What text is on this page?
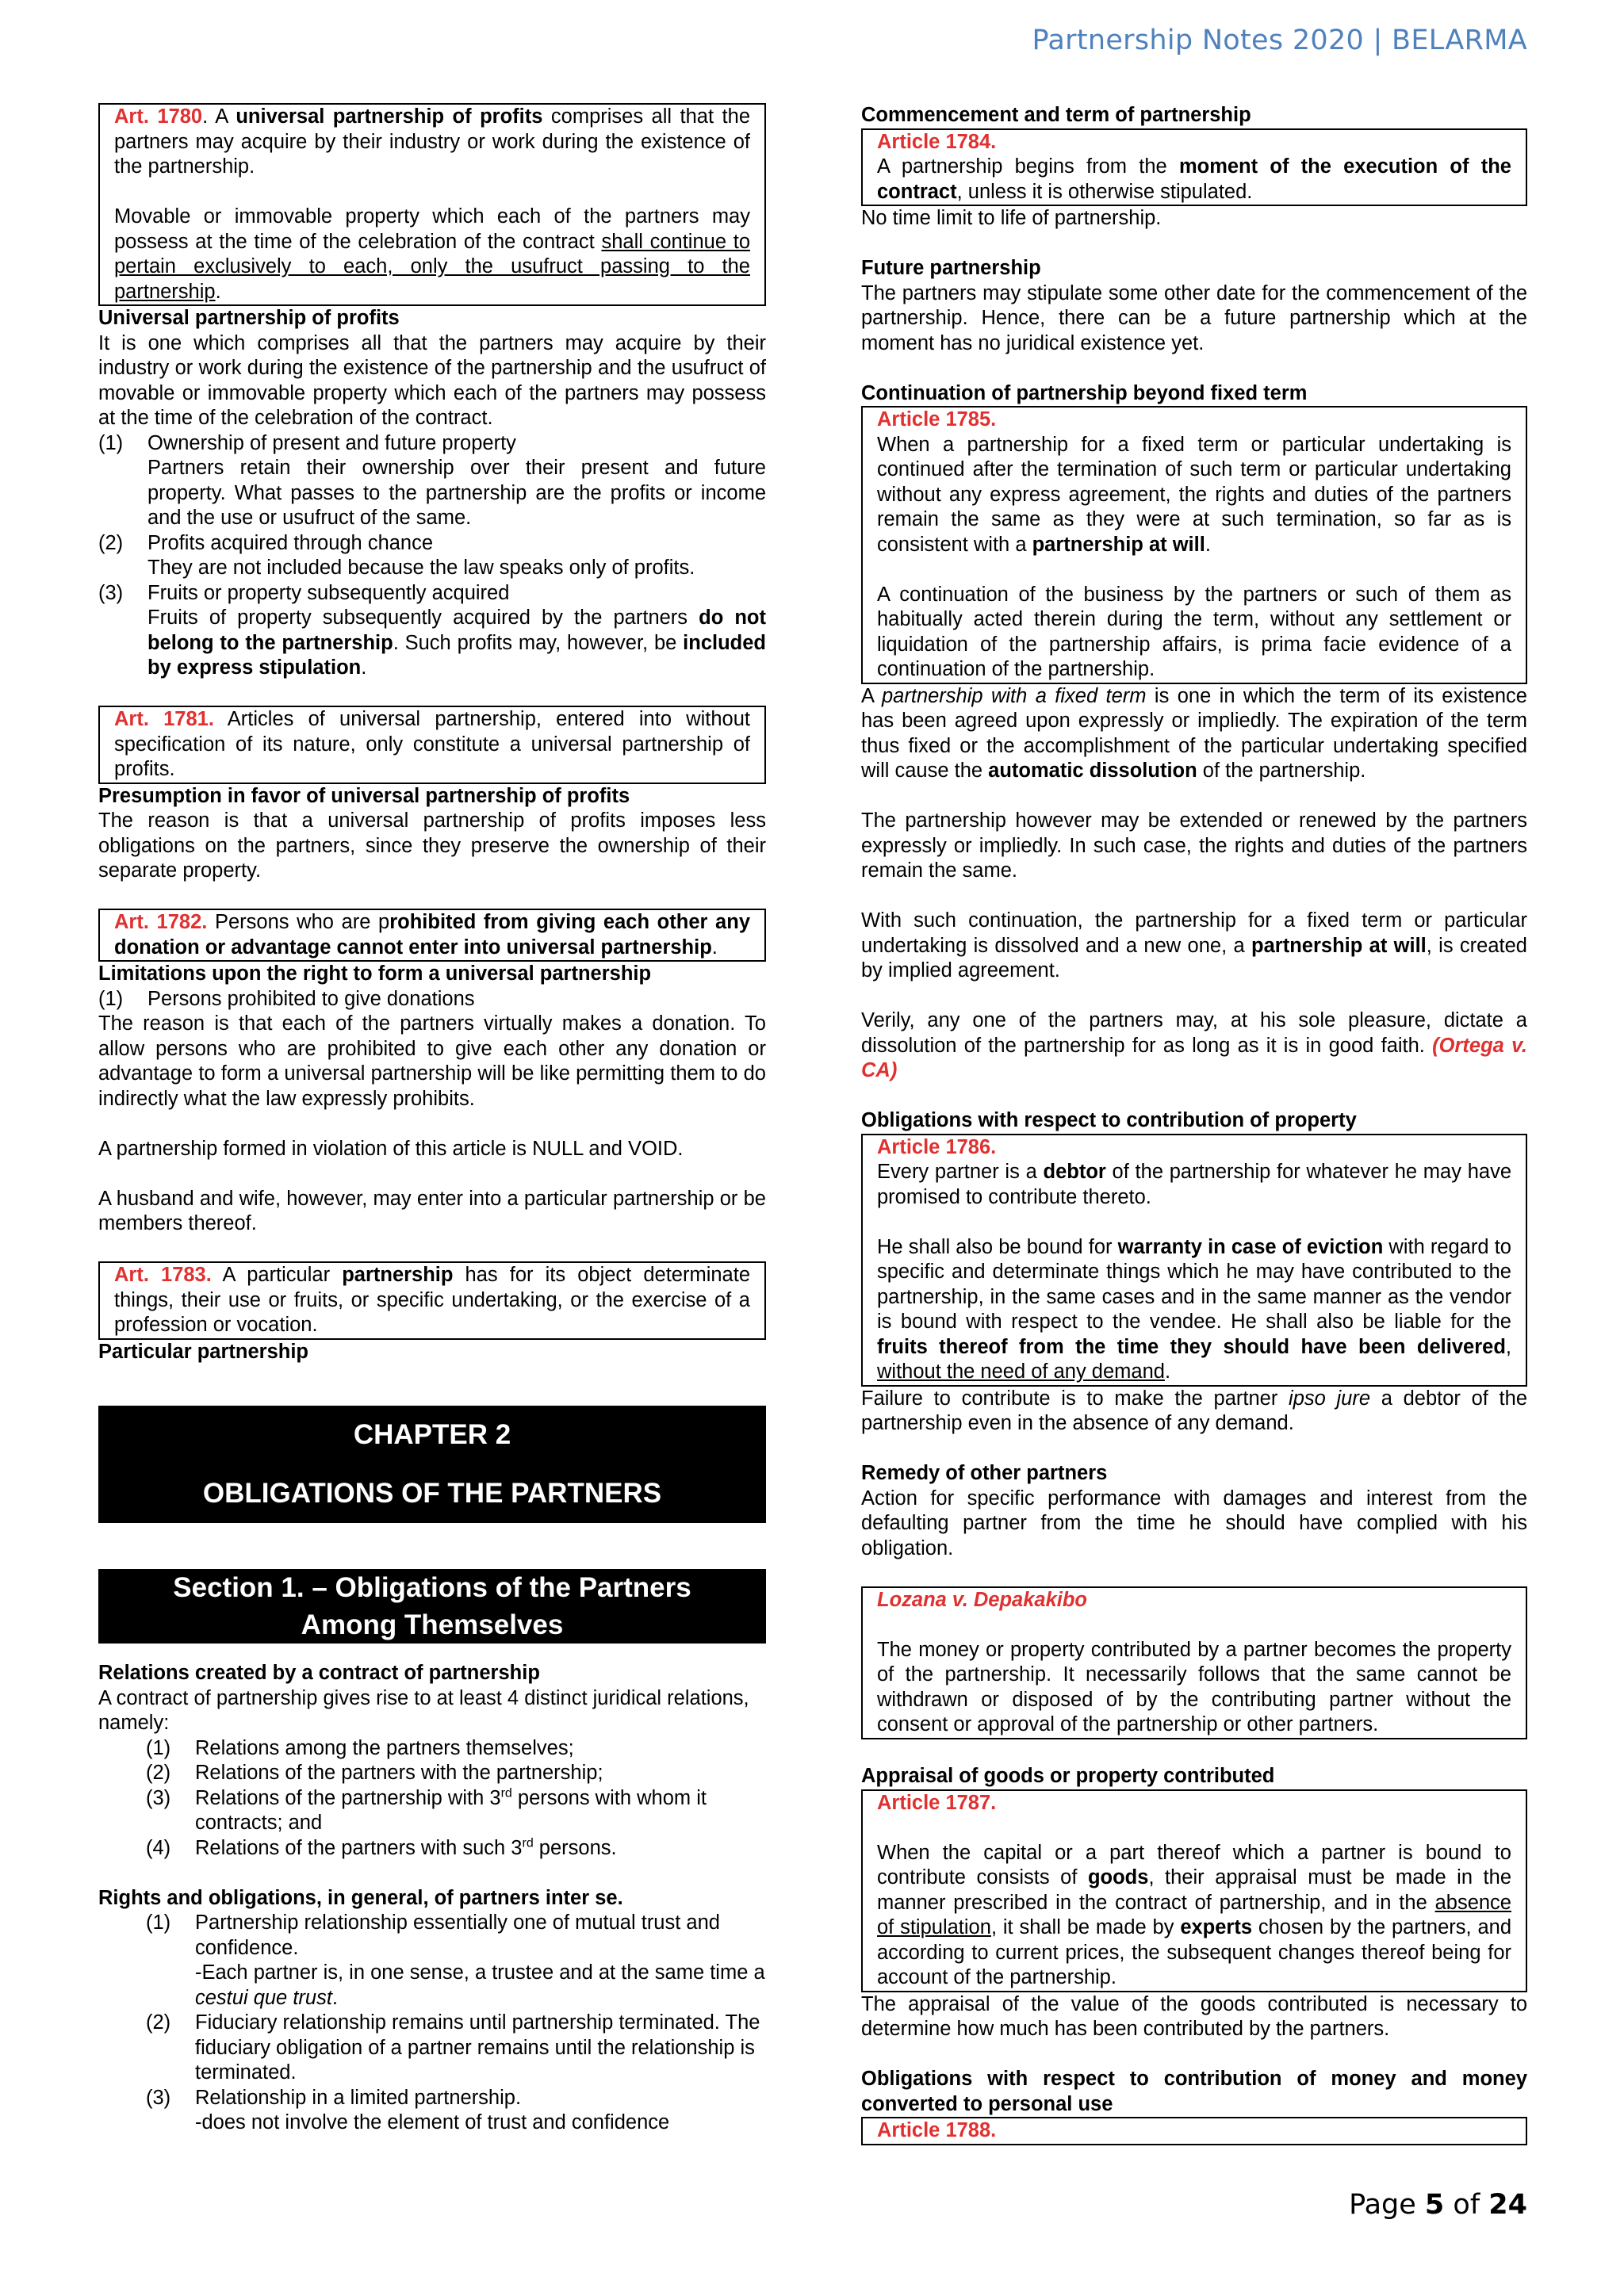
Partnership Notes 2020 | BELARMA

Art. 1780. A universal partnership of profits comprises all that the partners may acquire by their industry or work during the existence of the partnership.

Movable or immovable property which each of the partners may possess at the time of the celebration of the contract shall continue to pertain exclusively to each, only the usufruct passing to the partnership.

Universal partnership of profits

It is one which comprises all that the partners may acquire by their industry or work during the existence of the partnership and the usufruct of movable or immovable property which each of the partners may possess at the time of the celebration of the contract.

(1)	Ownership of present and future property

Partners retain their ownership over their present and future property. What passes to the partnership are the profits or income and the use or usufruct of the same.

(2)	Profits acquired through chance

They are not included because the law speaks only of profits.

(3)	Fruits or property subsequently acquired

Fruits of property subsequently acquired by the partners do not belong to the partnership. Such profits may, however, be included by express stipulation.

Art. 1781. Articles of universal partnership, entered into without specification of its nature, only constitute a universal partnership of profits.

Presumption in favor of universal partnership of profits

The reason is that a universal partnership of profits imposes less obligations on the partners, since they preserve the ownership of their separate property.

Art. 1782. Persons who are prohibited from giving each other any donation or advantage cannot enter into universal partnership.

Limitations upon the right to form a universal partnership

(1)	Persons prohibited to give donations

The reason is that each of the partners virtually makes a donation. To allow persons who are prohibited to give each other any donation or advantage to form a universal partnership will be like permitting them to do indirectly what the law expressly prohibits.

A partnership formed in violation of this article is NULL and VOID.

A husband and wife, however, may enter into a particular partnership or be members thereof.

Art. 1783. A particular partnership has for its object determinate things, their use or fruits, or specific undertaking, or the exercise of a profession or vocation.

Particular partnership

CHAPTER 2
OBLIGATIONS OF THE PARTNERS
Section 1. – Obligations of the Partners
Among Themselves

Relations created by a contract of partnership

A contract of partnership gives rise to at least 4 distinct juridical relations, namely:

(1)	Relations among the partners themselves;
(2)	Relations of the partners with the partnership;
(3)	Relations of the partnership with 3rd persons with whom it contracts; and
(4)	Relations of the partners with such 3rd persons.

Rights and obligations, in general, of partners inter se.

(1)	Partnership relationship essentially one of mutual trust and confidence.
-Each partner is, in one sense, a trustee and at the same time a cestui que trust.
(2)	Fiduciary relationship remains until partnership terminated. The fiduciary obligation of a partner remains until the relationship is terminated.
(3)	Relationship in a limited partnership.
-does not involve the element of trust and confidence

Commencement and term of partnership

Article 1784.

A partnership begins from the moment of the execution of the contract, unless it is otherwise stipulated.

No time limit to life of partnership.

Future partnership

The partners may stipulate some other date for the commencement of the partnership. Hence, there can be a future partnership which at the moment has no juridical existence yet.

Continuation of partnership beyond fixed term

Article 1785.

When a partnership for a fixed term or particular undertaking is continued after the termination of such term or particular undertaking without any express agreement, the rights and duties of the partners remain the same as they were at such termination, so far as is consistent with a partnership at will.

A continuation of the business by the partners or such of them as habitually acted therein during the term, without any settlement or liquidation of the partnership affairs, is prima facie evidence of a continuation of the partnership.

A partnership with a fixed term is one in which the term of its existence has been agreed upon expressly or impliedly. The expiration of the term thus fixed or the accomplishment of the particular undertaking specified will cause the automatic dissolution of the partnership.

The partnership however may be extended or renewed by the partners expressly or impliedly. In such case, the rights and duties of the partners remain the same.

With such continuation, the partnership for a fixed term or particular undertaking is dissolved and a new one, a partnership at will, is created by implied agreement.

Verily, any one of the partners may, at his sole pleasure, dictate a dissolution of the partnership for as long as it is in good faith. (Ortega v. CA)

Obligations with respect to contribution of property

Article 1786.

Every partner is a debtor of the partnership for whatever he may have promised to contribute thereto.

He shall also be bound for warranty in case of eviction with regard to specific and determinate things which he may have contributed to the partnership, in the same cases and in the same manner as the vendor is bound with respect to the vendee. He shall also be liable for the fruits thereof from the time they should have been delivered, without the need of any demand.

Failure to contribute is to make the partner ipso jure a debtor of the partnership even in the absence of any demand.

Remedy of other partners

Action for specific performance with damages and interest from the defaulting partner from the time he should have complied with his obligation.

Lozana v. Depakakibo

The money or property contributed by a partner becomes the property of the partnership. It necessarily follows that the same cannot be withdrawn or disposed of by the contributing partner without the consent or approval of the partnership or other partners.

Appraisal of goods or property contributed

Article 1787.

When the capital or a part thereof which a partner is bound to contribute consists of goods, their appraisal must be made in the manner prescribed in the contract of partnership, and in the absence of stipulation, it shall be made by experts chosen by the partners, and according to current prices, the subsequent changes thereof being for account of the partnership.

The appraisal of the value of the goods contributed is necessary to determine how much has been contributed by the partners.

Obligations with respect to contribution of money and money converted to personal use

Article 1788.

Page 5 of 24
